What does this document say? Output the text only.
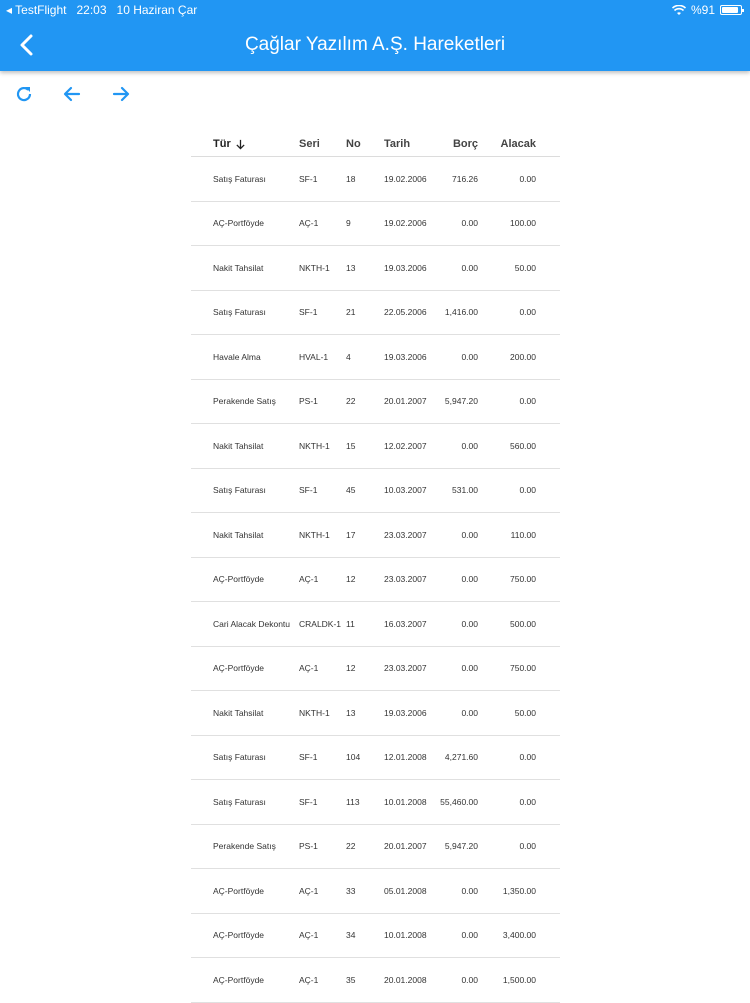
◂ TestFlight 22:03 10 Haziran Çar	%91
Çağlar Yazılım A.Ş. Hareketleri
Tür	Seri No Tarih	Borç Alacak
Satış Faturası	SF-1	18	19.02.2006	716.26	0.00
AÇ-Portföyde	AÇ-1	9	19.02.2006	0.00	100.00
Nakit Tahsilat	NKTH-1 13	19.03.2006	0.00	50.00
Satış Faturası	SF-1	21	22.05.2006 1,416.00	0.00
Havale Alma	HVAL-1 4	19.03.2006	0.00	200.00
Perakende Satış	PS-1	22	20.01.2007 5,947.20	0.00
Nakit Tahsilat	NKTH-1 15	12.02.2007	0.00	560.00
Satış Faturası	SF-1	45	10.03.2007	531.00	0.00
Nakit Tahsilat	NKTH-1 17	23.03.2007	0.00	110.00
AÇ-Portföyde	AÇ-1	12	23.03.2007	0.00	750.00
Cari Alacak Dekontu CRALDK-1 11	16.03.2007	0.00	500.00
AÇ-Portföyde	AÇ-1	12	23.03.2007	0.00	750.00
Nakit Tahsilat	NKTH-1 13	19.03.2006	0.00	50.00
Satış Faturası	SF-1	104	12.01.2008 4,271.60	0.00
Satış Faturası	SF-1	113	10.01.2008 55,460.00	0.00
Perakende Satış	PS-1	22	20.01.2007 5,947.20	0.00
AÇ-Portföyde	AÇ-1	33	05.01.2008	0.00	1,350.00
AÇ-Portföyde	AÇ-1	34	10.01.2008	0.00	3,400.00
AÇ-Portföyde	AÇ-1	35	20.01.2008	0.00	1,500.00
